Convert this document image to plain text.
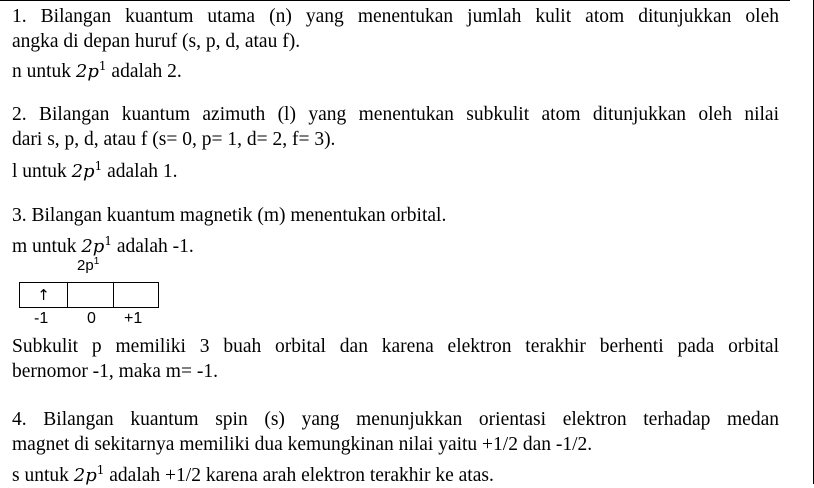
1. Bilangan kuantum utama (n) yang menentukan jumlah kulit atom ditunjukkan oleh
angka di depan huruf (s, p, d, atau f).
n untuk $2p^1$ adalah 2.
2. Bilangan kuantum azimuth (l) yang menentukan subkulit atom ditunjukkan oleh nilai
dari s, p, d, atau f (s= 0, p= 1, d= 2, f= 3).
l untuk $2p^1$ adalah 1.
3. Bilangan kuantum magnetik (m) menentukan orbital.
m untuk $2p^1$ adalah -1.
$2p^1$
↑
-1 0 +1
Subkulit p memiliki 3 buah orbital dan karena elektron terakhir berhenti pada orbital
bernomor -1, maka m= -1.
4. Bilangan kuantum spin (s) yang menunjukkan orientasi elektron terhadap medan
magnet di sekitarnya memiliki dua kemungkinan nilai yaitu +1/2 dan -1/2.
s untuk $2p^1$ adalah +1/2 karena arah elektron terakhir ke atas.
